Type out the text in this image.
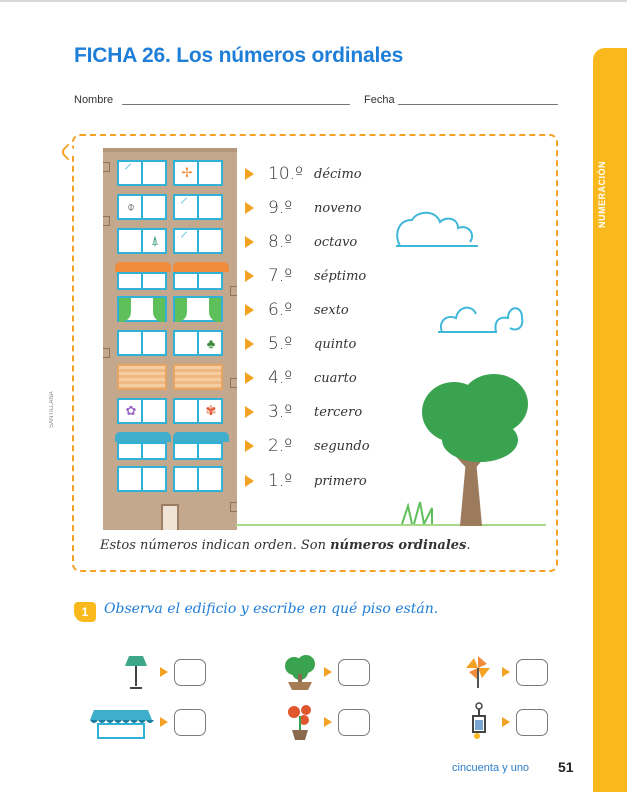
NUMERACIÓN
FICHA 26. Los números ordinales
Nombre	Fecha
SANTILLANA
✢
⌽
⍋
♣
✿	✾
10.º décimo
9.º	noveno
8.º	octavo
7.º	séptimo
6.º	sexto
5.º	quinto
4.º	cuarto
3.º	tercero
2.º	segundo
1.º	primero
Estos números indican orden. Son números ordinales.
1	Observa el edificio y escribe en qué piso están.
cincuenta y uno 51
